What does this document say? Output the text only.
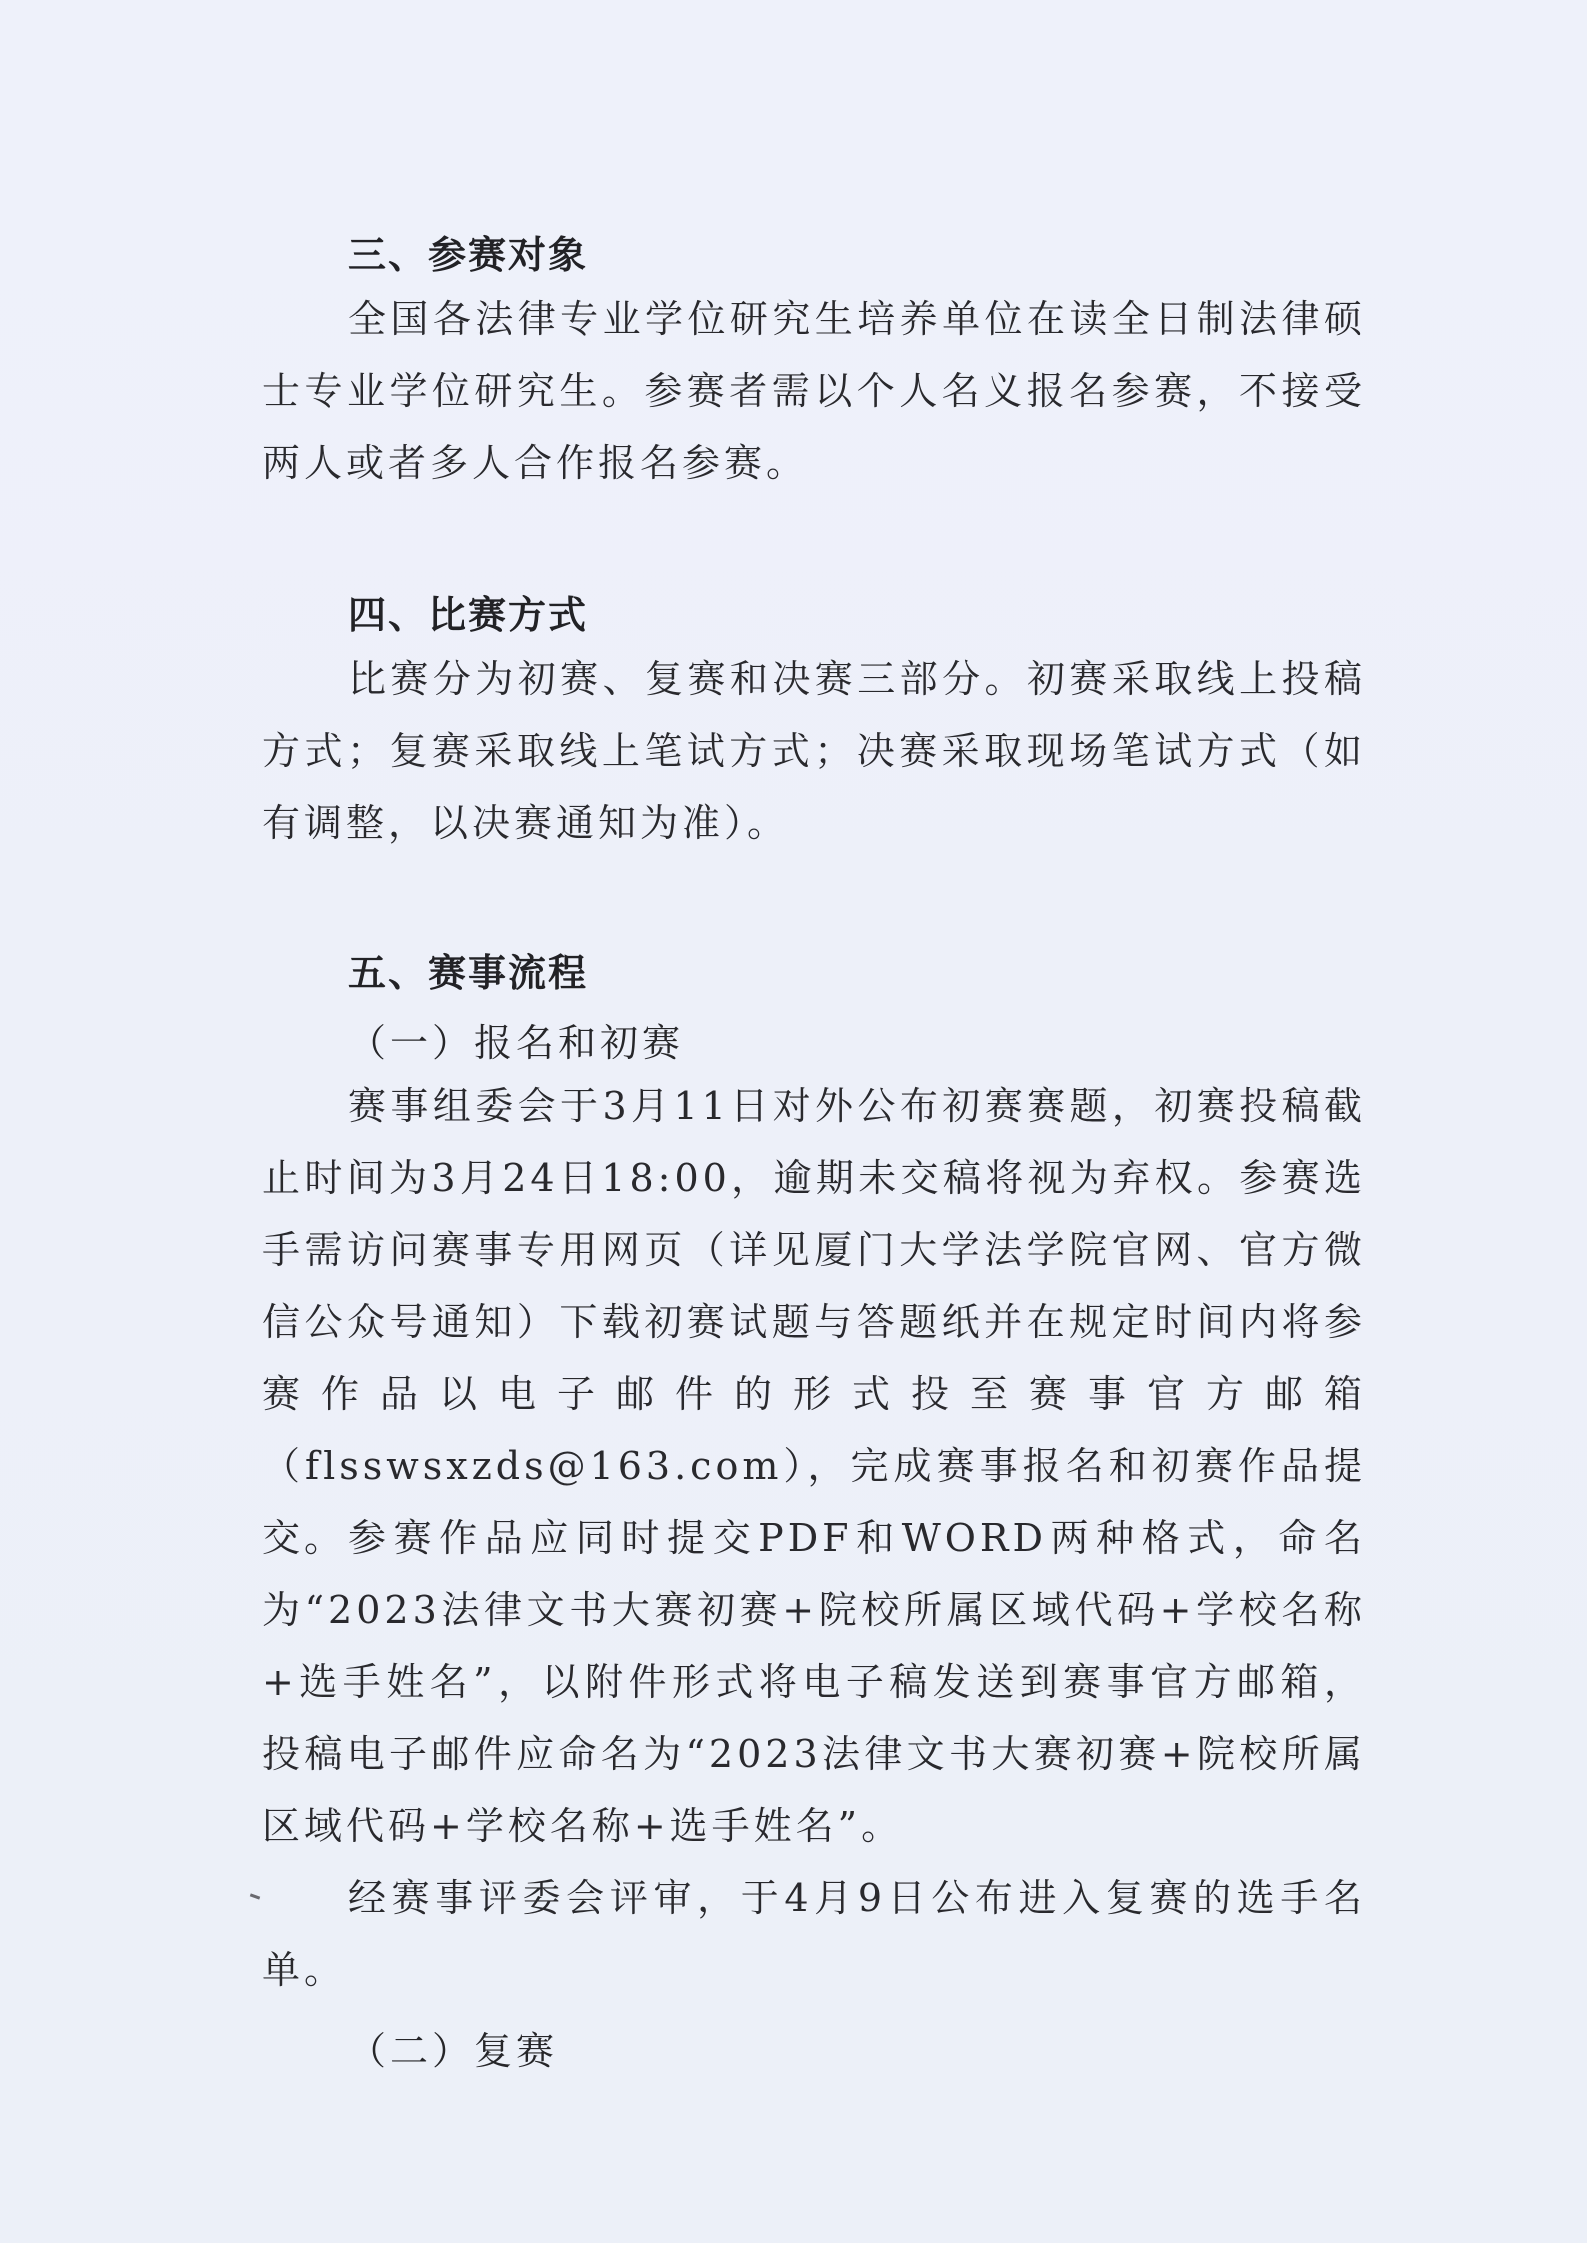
三、参赛对象

全国各法律专业学位研究生培养单位在读全日制法律硕士专业学位研究生。参赛者需以个人名义报名参赛，不接受两人或者多人合作报名参赛。

四、比赛方式

比赛分为初赛、复赛和决赛三部分。初赛采取线上投稿方式；复赛采取线上笔试方式；决赛采取现场笔试方式（如有调整，以决赛通知为准）。

五、赛事流程
（一）报名和初赛

赛事组委会于3月11日对外公布初赛赛题，初赛投稿截止时间为3月24日18:00，逾期未交稿将视为弃权。参赛选手需访问赛事专用网页（详见厦门大学法学院官网、官方微信公众号通知）下载初赛试题与答题纸并在规定时间内将参赛作品以电子邮件的形式投至赛事官方邮箱（flsswsxzds@163.com），完成赛事报名和初赛作品提交。 参赛作品应同时提交PDF和WORD两种格式，命名为“2023法律文书大赛初赛+院校所属区域代码+学校名称+选手姓名”，以附件形式将电子稿发送到赛事官方邮箱，投稿电子邮件应命名为“2023法律文书大赛初赛+院校所属区域代码+学校名称+选手姓名”。

经赛事评委会评审，于4月9日公布进入复赛的选手名单。

（二）复赛
